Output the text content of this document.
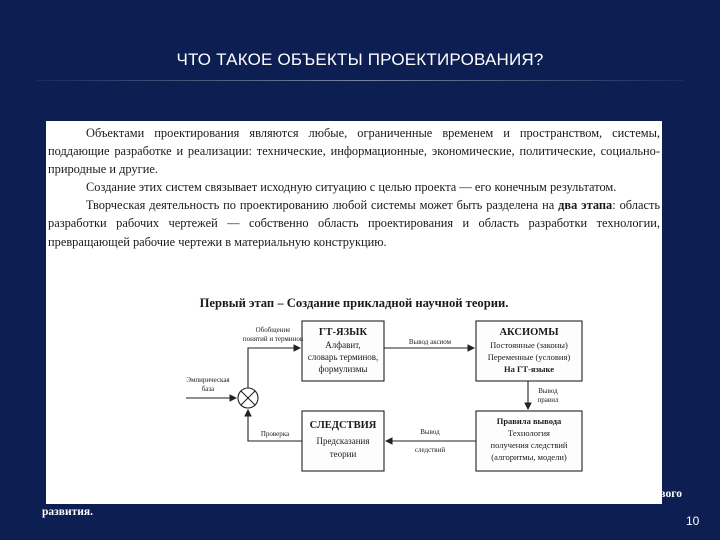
ЧТО ТАКОЕ ОБЪЕКТЫ ПРОЕКТИРОВАНИЯ?

Объектами проектирования являются любые, ограниченные временем и пространством, системы, поддающие разработке и реализации: технические, информационные, экономические, политические, социально-природные и другие.

Создание этих систем связывает исходную ситуацию с целью проекта — его конечным результатом.

Творческая деятельность по проектированию любой системы может быть разделена на два этапа: область разработки рабочих чертежей — собственно область проектирования и область разработки технологии, превращающей рабочие чертежи в материальную конструкцию.

Первый этап – Создание прикладной научной теории.
ГТ-ЯЗЫК
Алфавит,
словарь терминов,
формулизмы
АКСИОМЫ
Постоянные (законы)
Переменные (условия)
На ГТ-языке
СЛЕДСТВИЯ
Предсказания
теории
Правила вывода
Технология
получения следствий
(алгоритмы, модели)
Обобщение
понятий и терминов	Вывод аксиом
Эмпирическая
база
Проверка
Вывод
правил
Вывод
следствий
Второй этап – разработка плана превращения «бумаги» в работающую конструкцию, как средство устойчивого развития.
10
